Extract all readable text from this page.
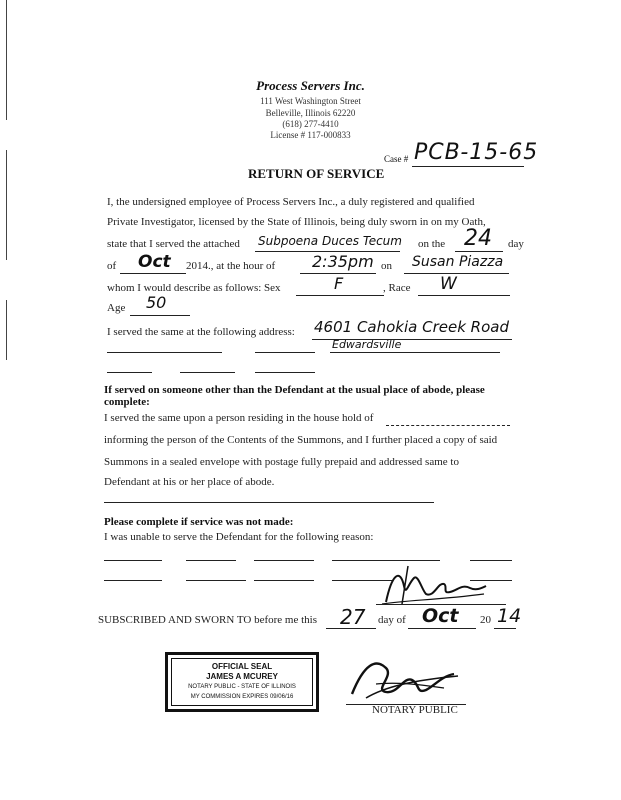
Process Servers Inc.
111 West Washington Street
Belleville, Illinois 62220
(618) 277-4410
License # 117-000833
Case # PCB-15-65
RETURN OF SERVICE
I, the undersigned employee of Process Servers Inc., a duly registered and qualified
Private Investigator, licensed by the State of Illinois, being duly sworn in on my Oath,
state that I served the attached Subpoena Duces Tecum on the 24 day
of Oct 2014., at the hour of 2:35pm on Susan Piazza
whom I would describe as follows: Sex	F	, Race W
Age 50
I served the same at the following address: 4601 Cahokia Creek Road
Edwardsville
If served on someone other than the Defendant at the usual place of abode, please complete:
I served the same upon a person residing in the house hold of
informing the person of the Contents of the Summons, and I further placed a copy of said
Summons in a sealed envelope with postage fully prepaid and addressed same to
Defendant at his or her place of abode.
Please complete if service was not made:
I was unable to serve the Defendant for the following reason:
SUBSCRIBED AND SWORN TO before me this 27 day of Oct 20 14
OFFICIAL SEAL
JAMES A MCUREY
NOTARY PUBLIC - STATE OF ILLINOIS
MY COMMISSION EXPIRES 09/06/16
NOTARY PUBLIC
